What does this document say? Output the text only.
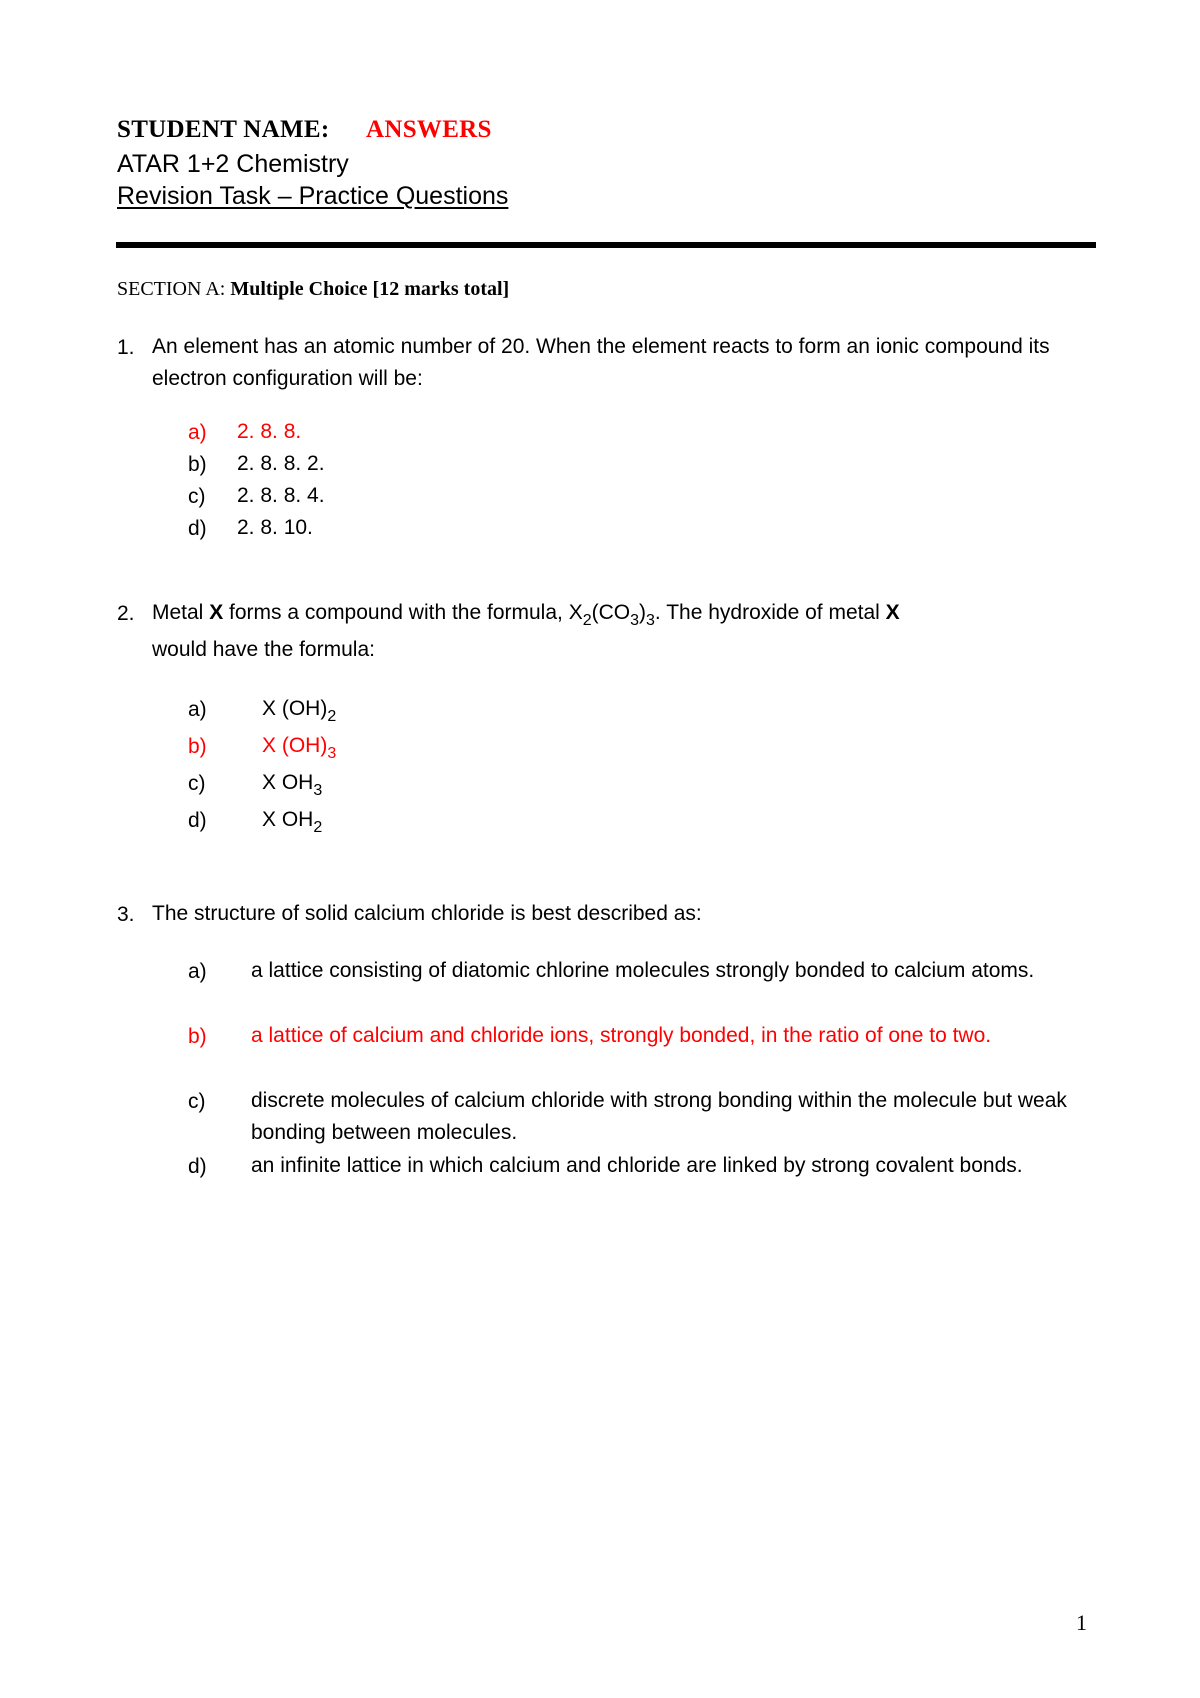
STUDENT NAME: ANSWERS
ATAR 1+2 Chemistry
Revision Task – Practice Questions
SECTION A: Multiple Choice [12 marks total]
1. An element has an atomic number of 20. When the element reacts to form an ionic compound its electron configuration will be:
a) 2. 8. 8.
b) 2. 8. 8. 2.
c) 2. 8. 8. 4.
d) 2. 8. 10.
2. Metal X forms a compound with the formula, $X_2(CO_3)_3$. The hydroxide of metal X
would have the formula:
a)	X $(OH)_2$
b)	X $(OH)_3$
c)	X $OH_3$
d)	X $OH_2$
3. The structure of solid calcium chloride is best described as:
a) a lattice consisting of diatomic chlorine molecules strongly bonded to calcium atoms.
b) a lattice of calcium and chloride ions, strongly bonded, in the ratio of one to two.
c) discrete molecules of calcium chloride with strong bonding within the molecule but weak bonding between molecules.
d) an infinite lattice in which calcium and chloride are linked by strong covalent bonds.
1
